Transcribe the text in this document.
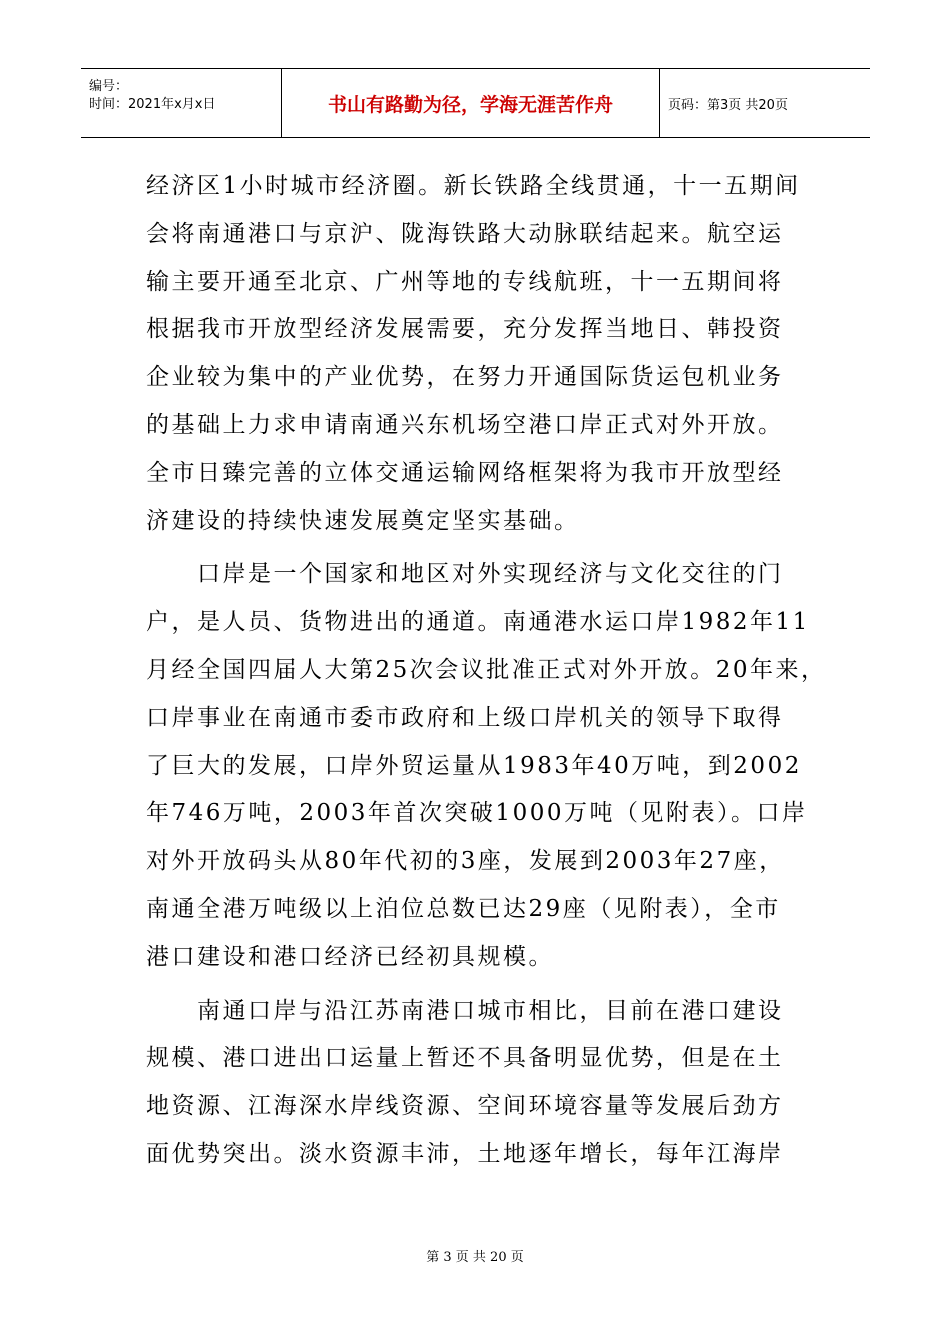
编号：
时间：2021年x月x日	书山有路勤为径，学海无涯苦作舟	页码：第3页 共20页
经济区1小时城市经济圈。新长铁路全线贯通，十一五期间
会将南通港口与京沪、陇海铁路大动脉联结起来。航空运
输主要开通至北京、广州等地的专线航班，十一五期间将
根据我市开放型经济发展需要，充分发挥当地日、韩投资
企业较为集中的产业优势，在努力开通国际货运包机业务
的基础上力求申请南通兴东机场空港口岸正式对外开放。
全市日臻完善的立体交通运输网络框架将为我市开放型经
济建设的持续快速发展奠定坚实基础。
　　口岸是一个国家和地区对外实现经济与文化交往的门
户，是人员、货物进出的通道。南通港水运口岸1982年11
月经全国四届人大第25次会议批准正式对外开放。20年来，
口岸事业在南通市委市政府和上级口岸机关的领导下取得
了巨大的发展，口岸外贸运量从1983年40万吨，到2002
年746万吨，2003年首次突破1000万吨（见附表）。口岸
对外开放码头从80年代初的3座，发展到2003年27座，
南通全港万吨级以上泊位总数已达29座（见附表），全市
港口建设和港口经济已经初具规模。
　　南通口岸与沿江苏南港口城市相比，目前在港口建设
规模、港口进出口运量上暂还不具备明显优势，但是在土
地资源、江海深水岸线资源、空间环境容量等发展后劲方
面优势突出。淡水资源丰沛，土地逐年增长，每年江海岸
第 3 页 共 20 页
